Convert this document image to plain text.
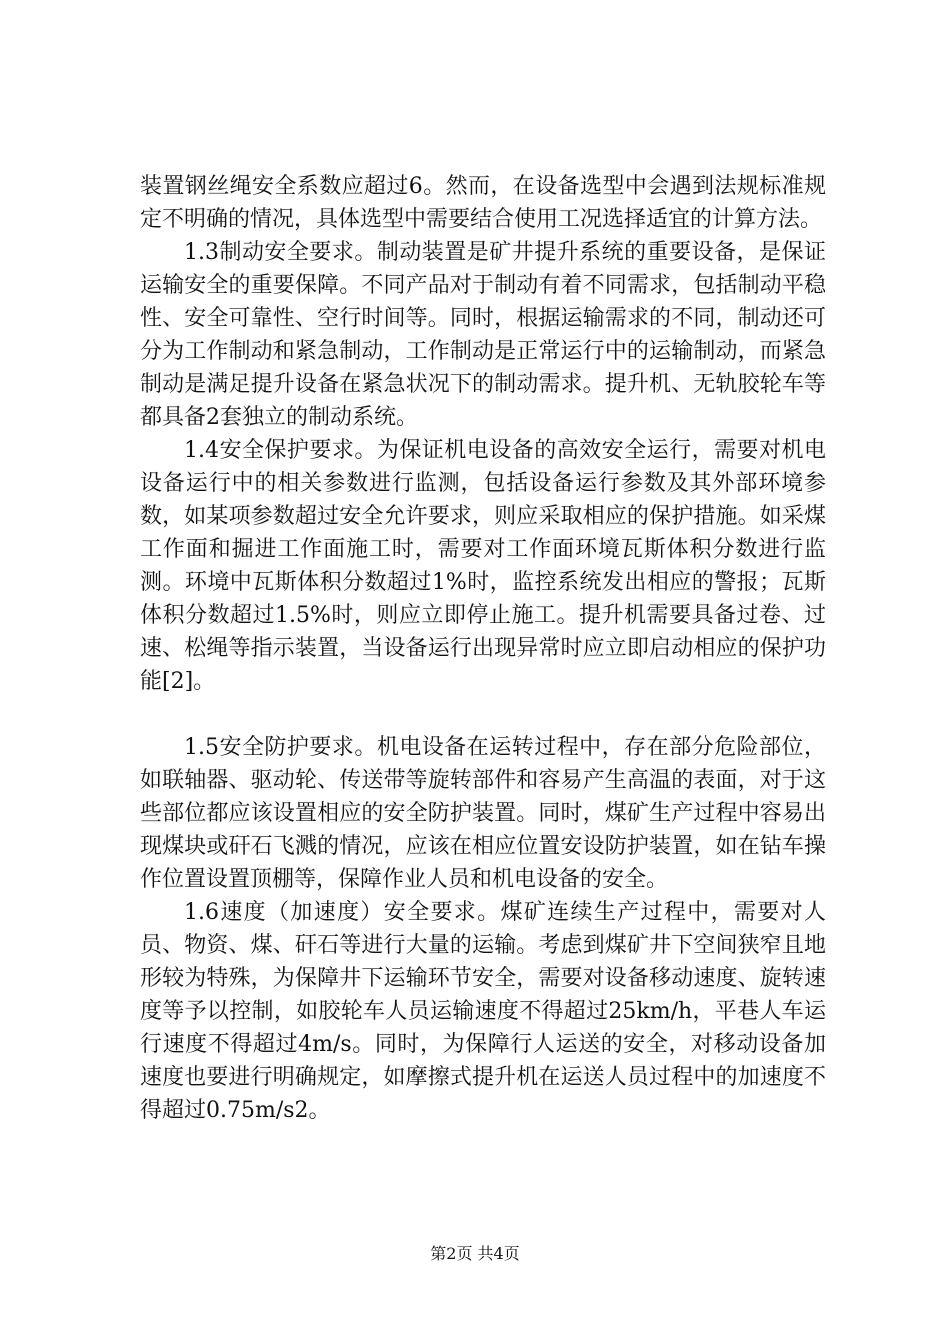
装置钢丝绳安全系数应超过6。然而，在设备选型中会遇到法规标准规定不明确的情况，具体选型中需要结合使用工况选择适宜的计算方法。

1.3制动安全要求。制动装置是矿井提升系统的重要设备，是保证运输安全的重要保障。不同产品对于制动有着不同需求，包括制动平稳性、安全可靠性、空行时间等。同时，根据运输需求的不同，制动还可分为工作制动和紧急制动，工作制动是正常运行中的运输制动，而紧急制动是满足提升设备在紧急状况下的制动需求。提升机、无轨胶轮车等都具备2套独立的制动系统。

1.4安全保护要求。为保证机电设备的高效安全运行，需要对机电设备运行中的相关参数进行监测，包括设备运行参数及其外部环境参数，如某项参数超过安全允许要求，则应采取相应的保护措施。如采煤工作面和掘进工作面施工时，需要对工作面环境瓦斯体积分数进行监测。环境中瓦斯体积分数超过1%时，监控系统发出相应的警报；瓦斯体积分数超过1.5%时，则应立即停止施工。提升机需要具备过卷、过速、松绳等指示装置，当设备运行出现异常时应立即启动相应的保护功能[2]。

1.5安全防护要求。机电设备在运转过程中，存在部分危险部位，如联轴器、驱动轮、传送带等旋转部件和容易产生高温的表面，对于这些部位都应该设置相应的安全防护装置。同时，煤矿生产过程中容易出现煤块或矸石飞溅的情况，应该在相应位置安设防护装置，如在钻车操作位置设置顶棚等，保障作业人员和机电设备的安全。

1.6速度（加速度）安全要求。煤矿连续生产过程中，需要对人员、物资、煤、矸石等进行大量的运输。考虑到煤矿井下空间狭窄且地形较为特殊，为保障井下运输环节安全，需要对设备移动速度、旋转速度等予以控制，如胶轮车人员运输速度不得超过25km/h，平巷人车运行速度不得超过4m/s。同时，为保障行人运送的安全，对移动设备加速度也要进行明确规定，如摩擦式提升机在运送人员过程中的加速度不得超过0.75m/s2。

第2页 共4页
